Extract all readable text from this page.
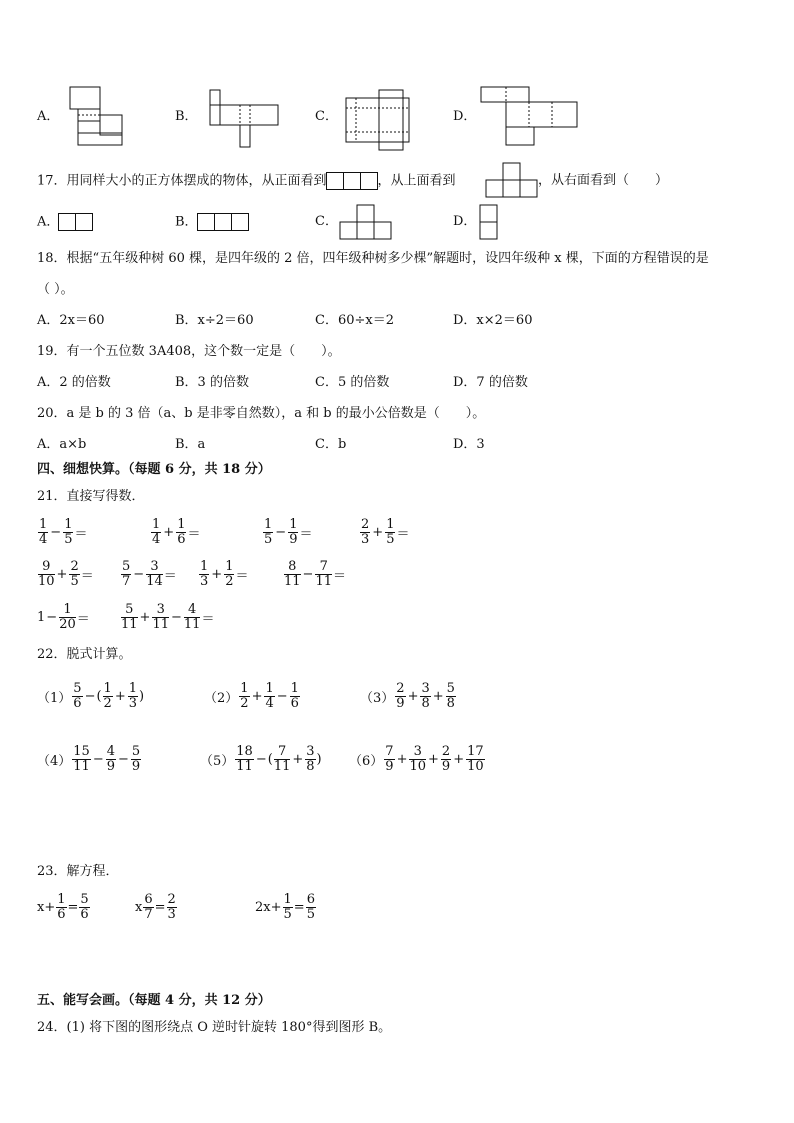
A．	B．	C．	D．
17．用同样大小的正方体摆成的物体，从正面看到	，从上面看到	，从右面看到（　　）
A．	B．	C．	D．
18．根据“五年级种树 60 棵，是四年级的 2 倍，四年级种树多少棵”解题时，设四年级种 x 棵，下面的方程错误的是
（ ）。
A．2x＝60	B．x÷2＝60	C．60÷x＝2	D．x×2＝60
19．有一个五位数 3A408，这个数一定是（　　）。
A．2 的倍数	B．3 的倍数	C．5 的倍数	D．7 的倍数
20．a 是 b 的 3 倍（a、b 是非零自然数），a 和 b 的最小公倍数是（　　）。
A．a×b	B．a	C．b	D．3
四、细想快算。（每题 6 分，共 18 分）
21．直接写得数．
$\frac{1}{4} - \frac{1}{5}$ ＝	$\frac{1}{4} + \frac{1}{6}$ ＝	$\frac{1}{5} - \frac{1}{9}$ ＝	$\frac{2}{3} + \frac{1}{5}$ ＝
$\frac{9}{10} + \frac{2}{5} = \frac{5}{7} - \frac{3}{14} = \frac{1}{3} + \frac{1}{2}$ ＝	$\frac{8}{11} - \frac{7}{11}$ ＝
$1 - \frac{1}{20} = \frac{5}{11} + \frac{3}{11} - \frac{4}{11}$ ＝
22．脱式计算。
$(1) \frac{5}{6}$ − ( $\frac{1}{2} + \frac{1}{3}$ )	$(2) \frac{1}{2} + \frac{1}{4} - \frac{1}{6}$	$(3) \frac{2}{9} + \frac{3}{8} + \frac{5}{8}$
$(4) \frac{15}{11} - \frac{4}{9} - \frac{5}{9}$	$(5) \frac{18}{11}$ − ( $\frac{7}{11} + \frac{3}{8}$ ) $(6) \frac{7}{9} + \frac{3}{10} + \frac{2}{9} + \frac{17}{10}$
23．解方程．
$x+ \frac{1}{6} = \frac{5}{6}$	x $\frac{6}{7} = \frac{2}{3}$	$2x+ \frac{1}{5} = \frac{6}{5}$
五、能写会画。（每题 4 分，共 12 分）
24．(1) 将下图的图形绕点 O 逆时针旋转 180°得到图形 B。
